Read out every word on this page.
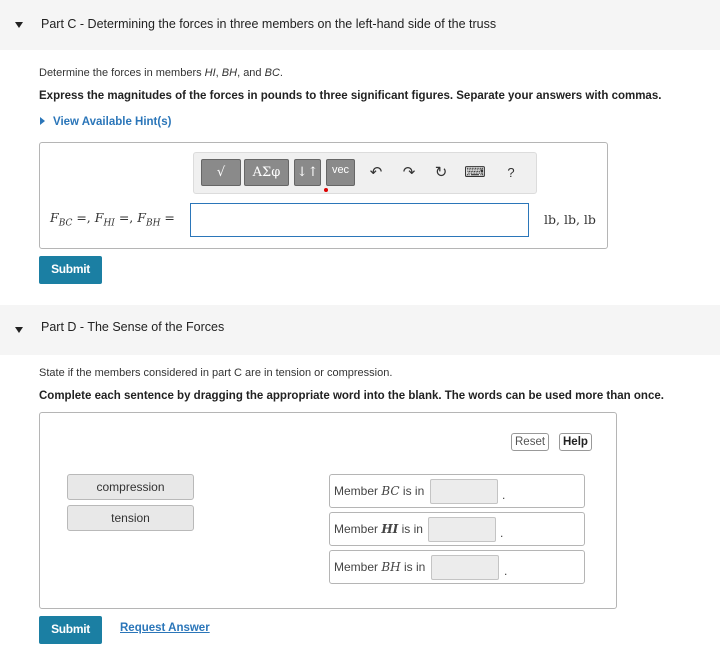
Part C - Determining the forces in three members on the left-hand side of the truss
Determine the forces in members HI, BH, and BC.
Express the magnitudes of the forces in pounds to three significant figures. Separate your answers with commas.
View Available Hint(s)
√	AΣφ	↓↑	vec	↶ ↷ ↻ ⌨	?
$F_{BC}$ =, $F_{HI}$ =, $F_{BH}$ =	lb, lb, lb
Submit
Part D - The Sense of the Forces
State if the members considered in part C are in tension or compression.
Complete each sentence by dragging the appropriate word into the blank. The words can be used more than once.
Reset	Help
compression
tension
Member BC is in	.
Member HI is in	.
Member BH is in	.
Submit	Request Answer
